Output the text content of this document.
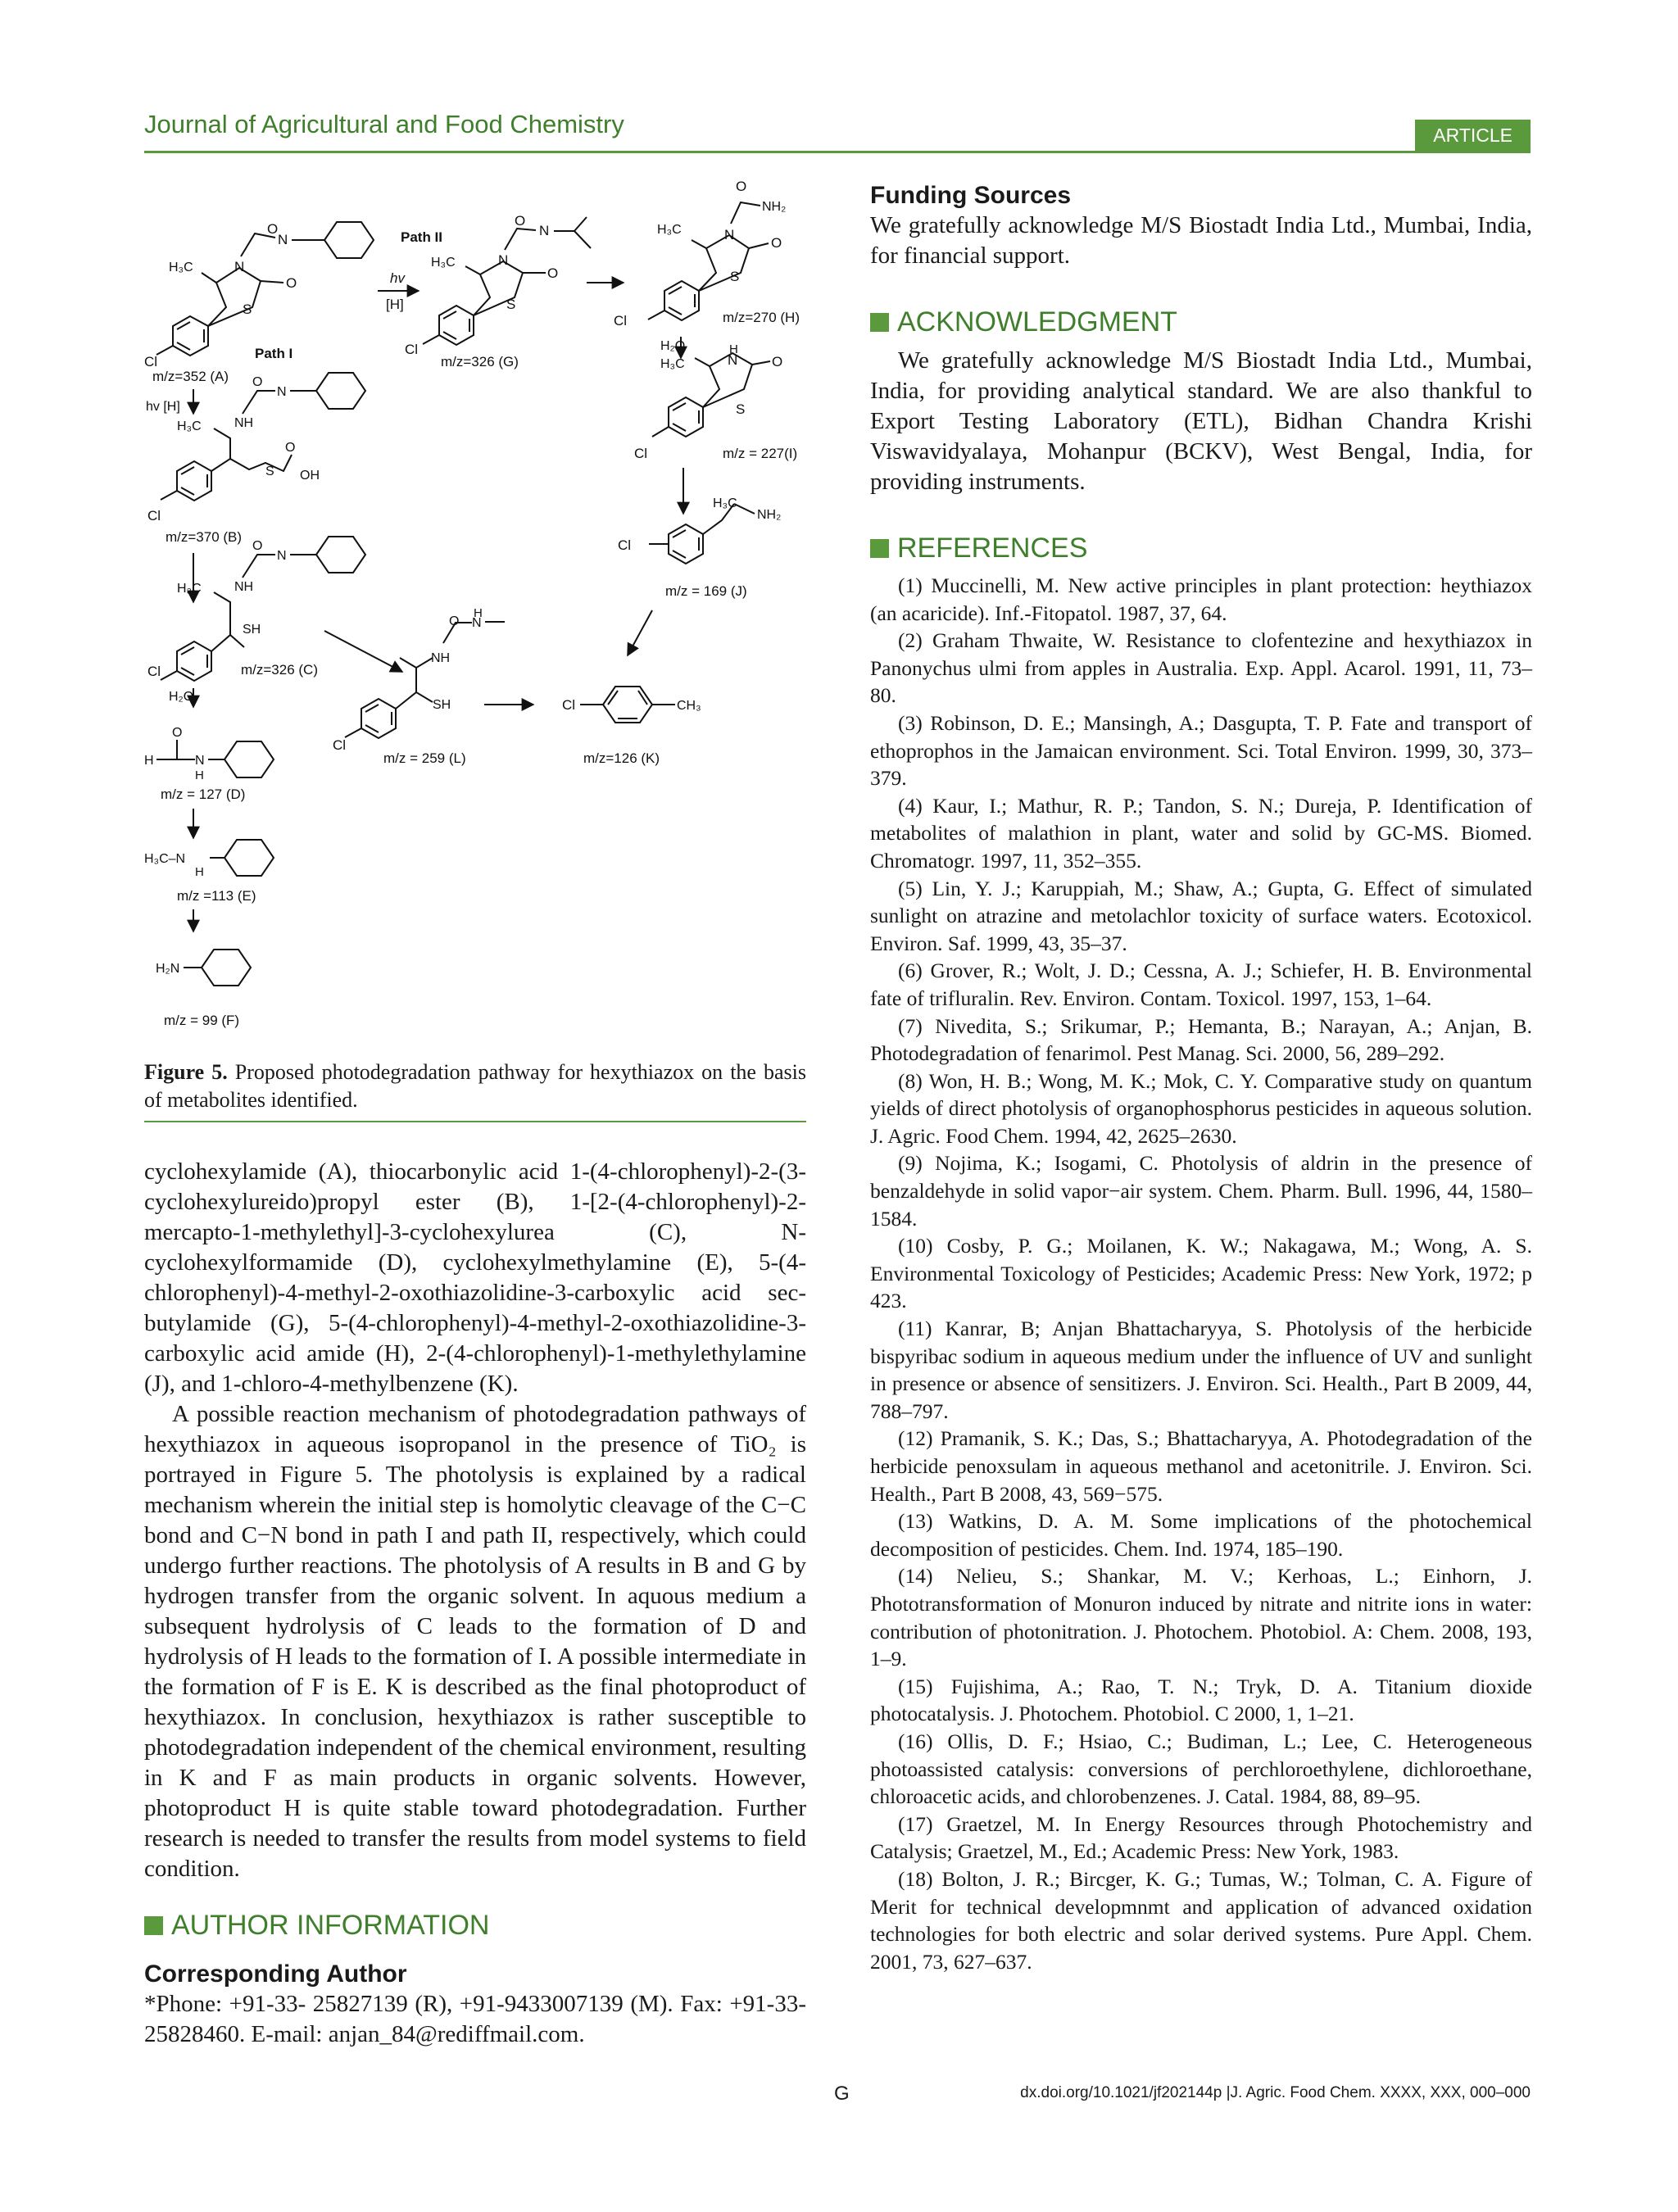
Journal of Agricultural and Food Chemistry	ARTICLE
Cl
S
O
N
H₃C
O
N
Path I
m/z=352 (A)
Path II
hv
[H]
Cl
S
O
N
H₃C
O
N
m/z=326 (G)
Cl
S
O
N
H₃C
O
NH₂
m/z=270 (H)
H₂O
Cl
S
O
N
H
H₃C
m/z = 227(I)
Cl
H₃C
NH₂
m/z = 169 (J)
hv [H]
Cl
H₃C	NH
S
O
OH
O
N
m/z=370 (B)
Cl
H₃C	NH
SH
O
N
m/z=326 (C)
H₂O
H
O
N
H
m/z = 127 (D)
H₃C–N
H
m/z =113 (E)
H₂N
m/z = 99 (F)
Cl
SH
NH
O N
H
m/z = 259 (L)
Cl	CH₃
m/z=126 (K)
Figure 5. Proposed photodegradation pathway for hexythiazox on the basis of metabolites identified.

cyclohexylamide (A), thiocarbonylic acid 1-(4-chlorophenyl)-2-(3-cyclohexylureido)propyl ester (B), 1-[2-(4-chlorophenyl)-2-mercapto-1-methylethyl]-3-cyclohexylurea (C), N-cyclohexylformamide (D), cyclohexylmethylamine (E), 5-(4-chlorophenyl)-4-methyl-2-oxothiazolidine-3-carboxylic acid sec-butylamide (G), 5-(4-chlorophenyl)-4-methyl-2-oxothiazolidine-3-carboxylic acid amide (H), 2-(4-chlorophenyl)-1-methylethylamine (J), and 1-chloro-4-methylbenzene (K).

A possible reaction mechanism of photodegradation pathways of hexythiazox in aqueous isopropanol in the presence of TiO₂ is portrayed in Figure 5. The photolysis is explained by a radical mechanism wherein the initial step is homolytic cleavage of the C−C bond and C−N bond in path I and path II, respectively, which could undergo further reactions. The photolysis of A results in B and G by hydrogen transfer from the organic solvent. In aquous medium a subsequent hydrolysis of C leads to the formation of D and hydrolysis of H leads to the formation of I. A possible intermediate in the formation of F is E. K is described as the final photoproduct of hexythiazox. In conclusion, hexythiazox is rather susceptible to photodegradation independent of the chemical environment, resulting in K and F as main products in organic solvents. However, photoproduct H is quite stable toward photodegradation. Further research is needed to transfer the results from model systems to field condition.

AUTHOR INFORMATION

Corresponding Author

*Phone: +91-33- 25827139 (R), +91-9433007139 (M). Fax: +91-33-25828460. E-mail: anjan_84@rediffmail.com.

Funding Sources

We gratefully acknowledge M/S Biostadt India Ltd., Mumbai, India, for financial support.

ACKNOWLEDGMENT

We gratefully acknowledge M/S Biostadt India Ltd., Mumbai, India, for providing analytical standard. We are also thankful to Export Testing Laboratory (ETL), Bidhan Chandra Krishi Viswavidyalaya, Mohanpur (BCKV), West Bengal, India, for providing instruments.

REFERENCES
(1) Muccinelli, M. New active principles in plant protection: heythiazox (an acaricide). Inf.-Fitopatol. 1987, 37, 64.
(2) Graham Thwaite, W. Resistance to clofentezine and hexythiazox in Panonychus ulmi from apples in Australia. Exp. Appl. Acarol. 1991, 11, 73–80.
(3) Robinson, D. E.; Mansingh, A.; Dasgupta, T. P. Fate and transport of ethoprophos in the Jamaican environment. Sci. Total Environ. 1999, 30, 373–379.
(4) Kaur, I.; Mathur, R. P.; Tandon, S. N.; Dureja, P. Identification of metabolites of malathion in plant, water and solid by GC-MS. Biomed. Chromatogr. 1997, 11, 352–355.
(5) Lin, Y. J.; Karuppiah, M.; Shaw, A.; Gupta, G. Effect of simulated sunlight on atrazine and metolachlor toxicity of surface waters. Ecotoxicol. Environ. Saf. 1999, 43, 35–37.
(6) Grover, R.; Wolt, J. D.; Cessna, A. J.; Schiefer, H. B. Environmental fate of trifluralin. Rev. Environ. Contam. Toxicol. 1997, 153, 1–64.
(7) Nivedita, S.; Srikumar, P.; Hemanta, B.; Narayan, A.; Anjan, B. Photodegradation of fenarimol. Pest Manag. Sci. 2000, 56, 289–292.
(8) Won, H. B.; Wong, M. K.; Mok, C. Y. Comparative study on quantum yields of direct photolysis of organophosphorus pesticides in aqueous solution. J. Agric. Food Chem. 1994, 42, 2625–2630.
(9) Nojima, K.; Isogami, C. Photolysis of aldrin in the presence of benzaldehyde in solid vapor−air system. Chem. Pharm. Bull. 1996, 44, 1580–1584.
(10) Cosby, P. G.; Moilanen, K. W.; Nakagawa, M.; Wong, A. S. Environmental Toxicology of Pesticides; Academic Press: New York, 1972; p 423.
(11) Kanrar, B; Anjan Bhattacharyya, S. Photolysis of the herbicide bispyribac sodium in aqueous medium under the influence of UV and sunlight in presence or absence of sensitizers. J. Environ. Sci. Health., Part B 2009, 44, 788–797.
(12) Pramanik, S. K.; Das, S.; Bhattacharyya, A. Photodegradation of the herbicide penoxsulam in aqueous methanol and acetonitrile. J. Environ. Sci. Health., Part B 2008, 43, 569−575.
(13) Watkins, D. A. M. Some implications of the photochemical decomposition of pesticides. Chem. Ind. 1974, 185–190.
(14) Nelieu, S.; Shankar, M. V.; Kerhoas, L.; Einhorn, J. Phototransformation of Monuron induced by nitrate and nitrite ions in water: contribution of photonitration. J. Photochem. Photobiol. A: Chem. 2008, 193, 1–9.
(15) Fujishima, A.; Rao, T. N.; Tryk, D. A. Titanium dioxide photocatalysis. J. Photochem. Photobiol. C 2000, 1, 1–21.
(16) Ollis, D. F.; Hsiao, C.; Budiman, L.; Lee, C. Heterogeneous photoassisted catalysis: conversions of perchloroethylene, dichloroethane, chloroacetic acids, and chlorobenzenes. J. Catal. 1984, 88, 89–95.
(17) Graetzel, M. In Energy Resources through Photochemistry and Catalysis; Graetzel, M., Ed.; Academic Press: New York, 1983.
(18) Bolton, J. R.; Bircger, K. G.; Tumas, W.; Tolman, C. A. Figure of Merit for technical developmnmt and application of advanced oxidation technologies for both electric and solar derived systems. Pure Appl. Chem. 2001, 73, 627–637.
G	dx.doi.org/10.1021/jf202144p |J. Agric. Food Chem. XXXX, XXX, 000–000
